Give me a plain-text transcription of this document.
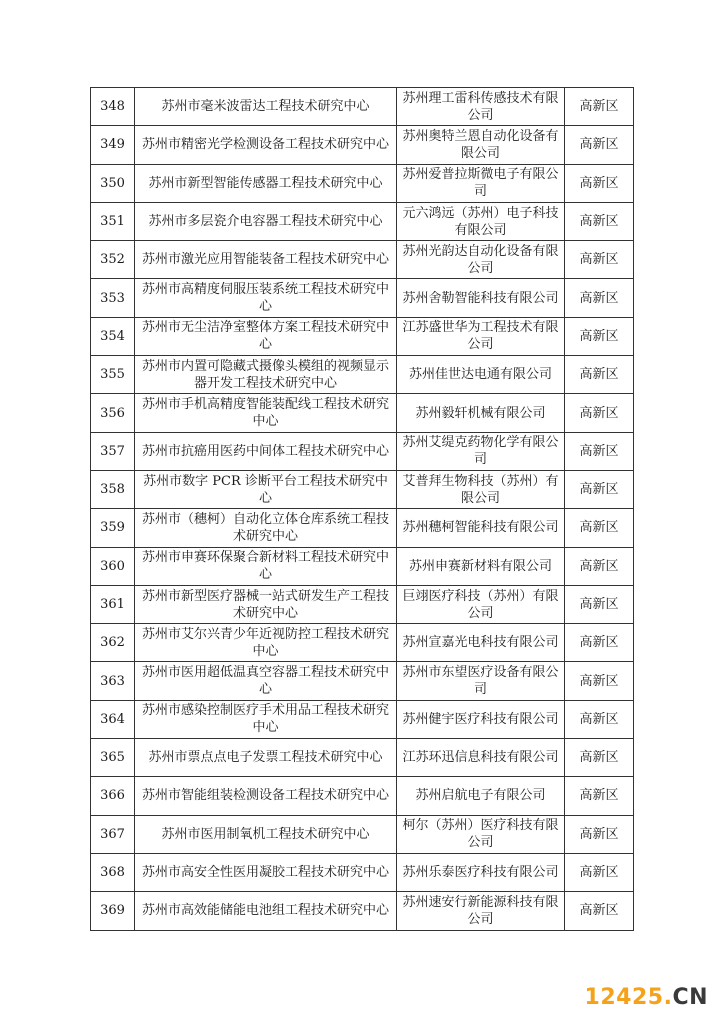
348	苏州市毫米波雷达工程技术研究中心	苏州理工雷科传感技术有限公司	高新区
349	苏州市精密光学检测设备工程技术研究中心	苏州奥特兰恩自动化设备有限公司	高新区
350	苏州市新型智能传感器工程技术研究中心	苏州爱普拉斯微电子有限公司	高新区
351	苏州市多层瓷介电容器工程技术研究中心	元六鸿远（苏州）电子科技有限公司	高新区
352	苏州市激光应用智能装备工程技术研究中心	苏州光韵达自动化设备有限公司	高新区
353	苏州市高精度伺服压装系统工程技术研究中心	苏州舍勒智能科技有限公司	高新区
354	苏州市无尘洁净室整体方案工程技术研究中心	江苏盛世华为工程技术有限公司	高新区
355	苏州市内置可隐藏式摄像头模组的视频显示器开发工程技术研究中心	苏州佳世达电通有限公司	高新区
356	苏州市手机高精度智能装配线工程技术研究中心	苏州毅轩机械有限公司	高新区
357	苏州市抗癌用医药中间体工程技术研究中心	苏州艾缇克药物化学有限公司	高新区
358	苏州市数字 PCR 诊断平台工程技术研究中心	艾普拜生物科技（苏州）有限公司	高新区
359	苏州市（穗柯）自动化立体仓库系统工程技术研究中心	苏州穗柯智能科技有限公司	高新区
360	苏州市申赛环保聚合新材料工程技术研究中心	苏州申赛新材料有限公司	高新区
361	苏州市新型医疗器械一站式研发生产工程技术研究中心	巨翊医疗科技（苏州）有限公司	高新区
362	苏州市艾尔兴青少年近视防控工程技术研究中心	苏州宣嘉光电科技有限公司	高新区
363	苏州市医用超低温真空容器工程技术研究中心	苏州市东望医疗设备有限公司	高新区
364	苏州市感染控制医疗手术用品工程技术研究中心	苏州健宇医疗科技有限公司	高新区
365	苏州市票点点电子发票工程技术研究中心	江苏环迅信息科技有限公司	高新区
366	苏州市智能组装检测设备工程技术研究中心	苏州启航电子有限公司	高新区
367	苏州市医用制氧机工程技术研究中心	柯尔（苏州）医疗科技有限公司	高新区
368	苏州市高安全性医用凝胶工程技术研究中心	苏州乐泰医疗科技有限公司	高新区
369	苏州市高效能储能电池组工程技术研究中心	苏州速安行新能源科技有限公司	高新区
12425.CN
